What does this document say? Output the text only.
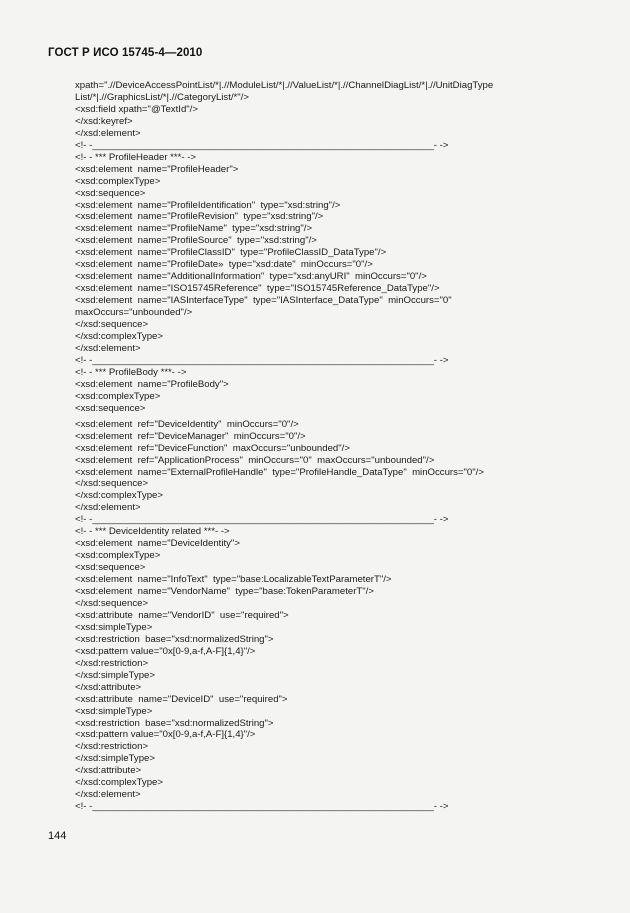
ГОСТ Р ИСО 15745-4—2010
xpath=".//DeviceAccessPointList/*|.//ModuleList/*|.//ValueList/*|.//ChannelDiagList/*|.//UnitDiagType
List/*|.//GraphicsList/*|.//CategoryList/*"/>
<xsd:field xpath="@TextId"/>
</xsd:keyref>
</xsd:element>
<!- -________________________________________________________________- ->
<!- - *** ProfileHeader ***- ->
<xsd:element  name="ProfileHeader">
<xsd:complexType>
<xsd:sequence>
<xsd:element  name="ProfileIdentification"  type="xsd:string"/>
<xsd:element  name="ProfileRevision"  type="xsd:string"/>
<xsd:element  name="ProfileName"  type="xsd:string"/>
<xsd:element  name="ProfileSource"  type="xsd:string"/>
<xsd:element  name="ProfileClassID"  type="ProfileClassID_DataType"/>
<xsd:element  name="ProfileDate»  type="xsd:date"  minOccurs="0"/>
<xsd:element  name="AdditionalInformation"  type="xsd:anyURI"  minOccurs="0"/>
<xsd:element  name="ISO15745Reference"  type="ISO15745Reference_DataType"/>
<xsd:element  name="IASInterfaceType"  type="IASInterface_DataType"  minOccurs="0"
maxOccurs="unbounded"/>
</xsd:sequence>
</xsd:complexType>
</xsd:element>
<!- -________________________________________________________________- ->
<!- - *** ProfileBody ***- ->
<xsd:element  name="ProfileBody">
<xsd:complexType>
<xsd:sequence>
<xsd:element  ref="DeviceIdentity"  minOccurs="0"/>
<xsd:element  ref="DeviceManager"  minOccurs="0"/>
<xsd:element  ref="DeviceFunction"  maxOccurs="unbounded"/>
<xsd:element  ref="ApplicationProcess"  minOccurs="0"  maxOccurs="unbounded"/>
<xsd:element  name="ExternalProfileHandle"  type="ProfileHandle_DataType"  minOccurs="0"/>
</xsd:sequence>
</xsd:complexType>
</xsd:element>
<!- -________________________________________________________________- ->
<!- - *** DeviceIdentity related ***- ->
<xsd:element  name="DeviceIdentity">
<xsd:complexType>
<xsd:sequence>
<xsd:element  name="InfoText"  type="base:LocalizableTextParameterT"/>
<xsd:element  name="VendorName"  type="base:TokenParameterT"/>
</xsd:sequence>
<xsd:attribute  name="VendorID"  use="required">
<xsd:simpleType>
<xsd:restriction  base="xsd:normalizedString">
<xsd:pattern value="0x[0-9,a-f,A-F]{1,4}"/>
</xsd:restriction>
</xsd:simpleType>
</xsd:attribute>
<xsd:attribute  name="DeviceID"  use="required">
<xsd:simpleType>
<xsd:restriction  base="xsd:normalizedString">
<xsd:pattern value="0x[0-9,a-f,A-F]{1,4}"/>
</xsd:restriction>
</xsd:simpleType>
</xsd:attribute>
</xsd:complexType>
</xsd:element>
<!- -________________________________________________________________- ->
144
